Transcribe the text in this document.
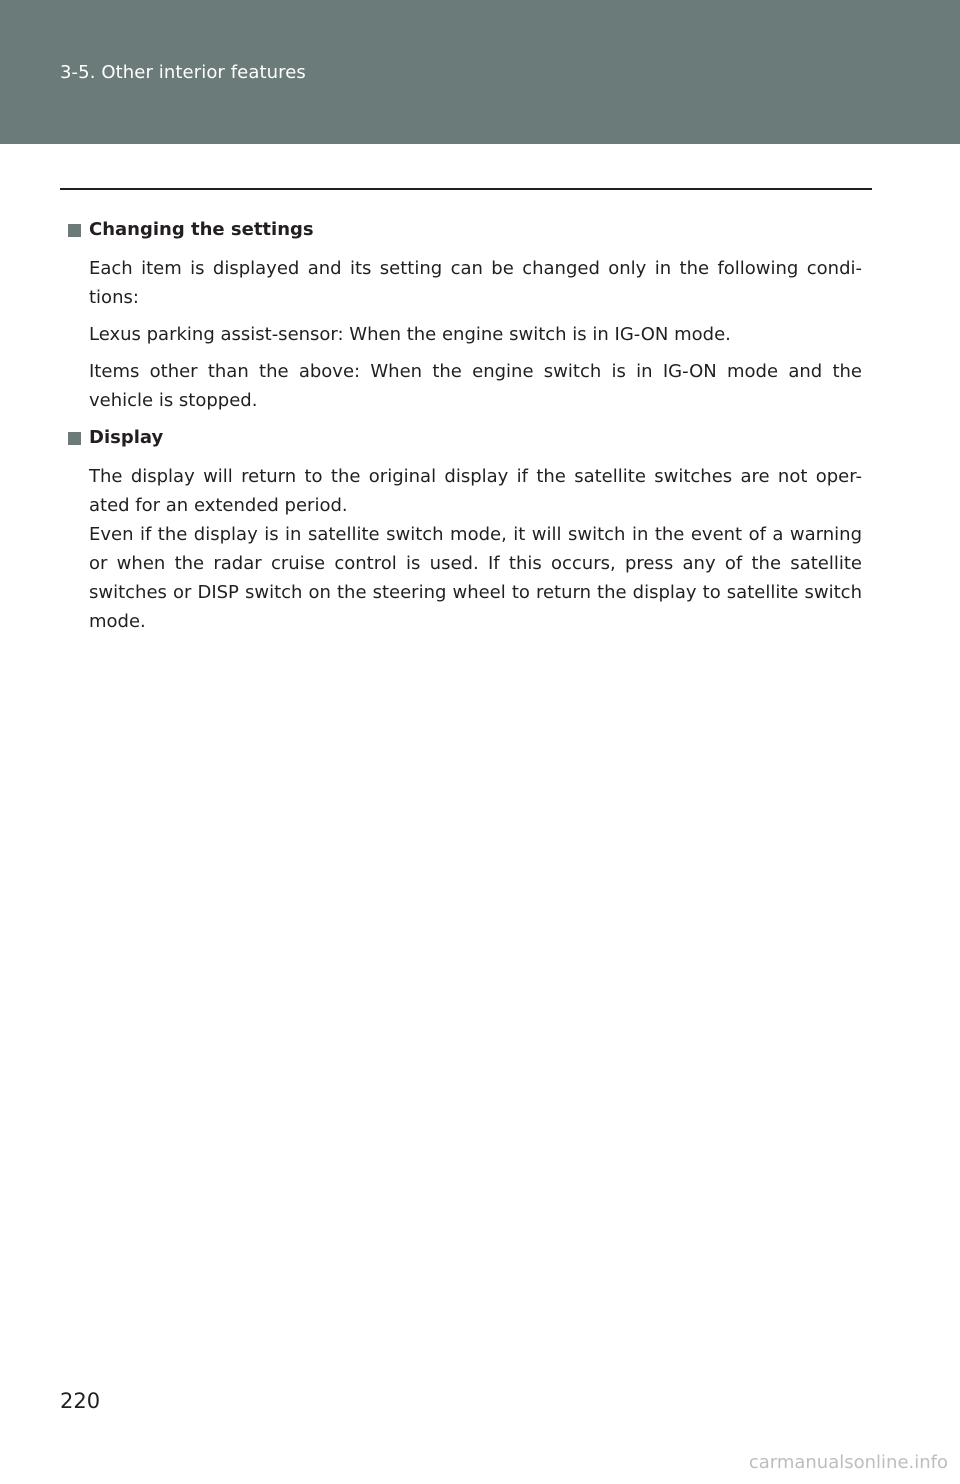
3-5. Other interior features
Changing the settings

Each item is displayed and its setting can be changed only in the following condi-tions:

Lexus parking assist-sensor: When the engine switch is in IG-ON mode.

Items other than the above: When the engine switch is in IG-ON mode and the vehicle is stopped.

Display

The display will return to the original display if the satellite switches are not oper-ated for an extended period.

Even if the display is in satellite switch mode, it will switch in the event of a warning or when the radar cruise control is used. If this occurs, press any of the satellite switches or DISP switch on the steering wheel to return the display to satellite switch mode.

220
carmanualsonline.info
